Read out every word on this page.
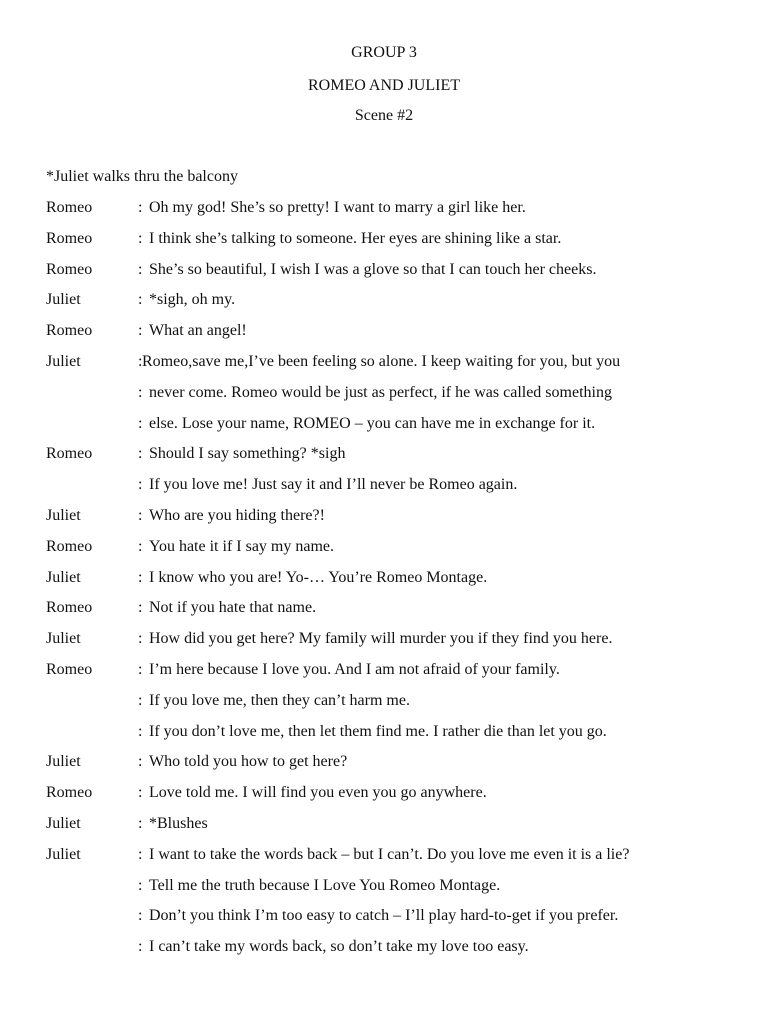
GROUP 3
ROMEO AND JULIET
Scene #2
*Juliet walks thru the balcony
Romeo	: Oh my god! She’s so pretty! I want to marry a girl like her.
Romeo	: I think she’s talking to someone. Her eyes are shining like a star.
Romeo	: She’s so beautiful, I wish I was a glove so that I can touch her cheeks.
Juliet	: *sigh, oh my.
Romeo	: What an angel!
Juliet	:Romeo,save me,I’ve been feeling so alone. I keep waiting for you, but you
: never come. Romeo would be just as perfect, if he was called something
: else. Lose your name, ROMEO – you can have me in exchange for it.
Romeo	: Should I say something? *sigh
: If you love me! Just say it and I’ll never be Romeo again.
Juliet	: Who are you hiding there?!
Romeo	: You hate it if I say my name.
Juliet	: I know who you are! Yo-… You’re Romeo Montage.
Romeo	: Not if you hate that name.
Juliet	: How did you get here? My family will murder you if they find you here.
Romeo	: I’m here because I love you. And I am not afraid of your family.
: If you love me, then they can’t harm me.
: If you don’t love me, then let them find me. I rather die than let you go.
Juliet	: Who told you how to get here?
Romeo	: Love told me. I will find you even you go anywhere.
Juliet	: *Blushes
Juliet	: I want to take the words back – but I can’t. Do you love me even it is a lie?
: Tell me the truth because I Love You Romeo Montage.
: Don’t you think I’m too easy to catch – I’ll play hard-to-get if you prefer.
: I can’t take my words back, so don’t take my love too easy.
